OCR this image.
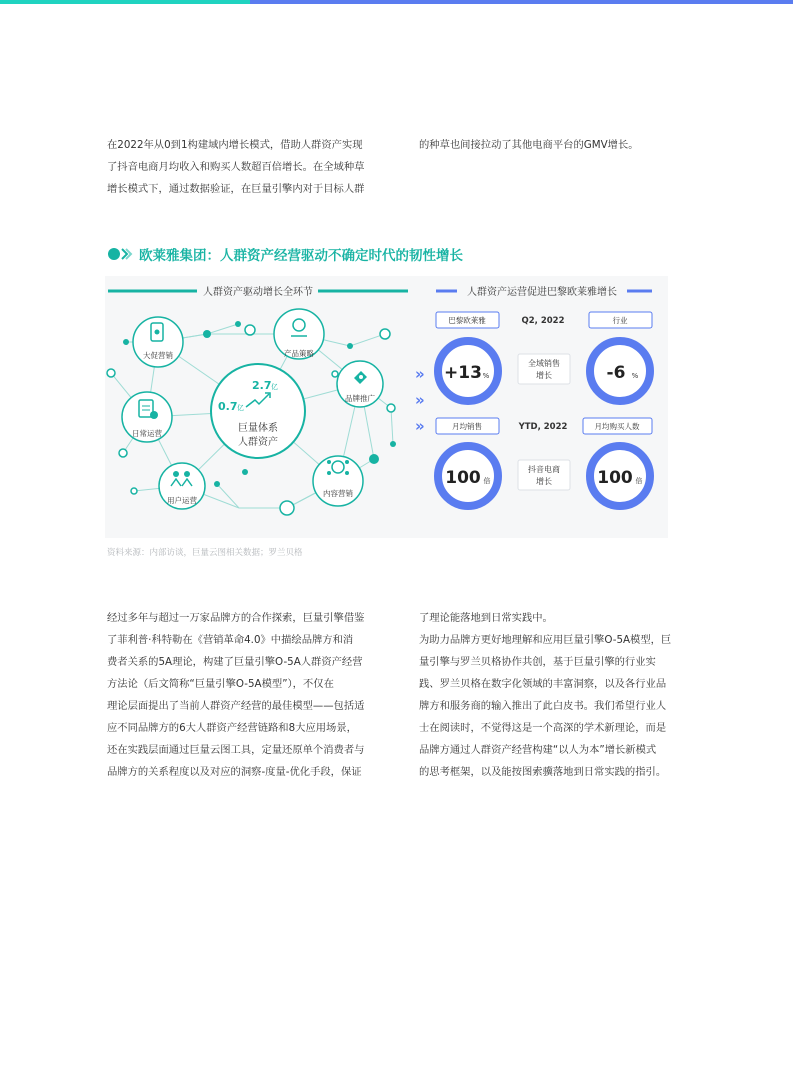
在2022年从0到1构建域内增长模式，借助人群资产实现
了抖音电商月均收入和购买人数超百倍增长。在全域种草
增长模式下，通过数据验证，在巨量引擎内对于目标人群
的种草也间接拉动了其他电商平台的GMV增长。
欧莱雅集团：人群资产经营驱动不确定时代的韧性增长
人群资产驱动增长全环节	人群资产运营促进巴黎欧莱雅增长
0.7 亿
2.7 亿
巨量体系
人群资产
大促营销	产品策略
品牌推广
日常运营
用户运营
内容营销
»
»
»
巴黎欧莱雅	Q2, 2022	行业
+13 %
全域销售
增长	-6 %
月均销售	YTD, 2022	月均购买人数
100 倍
抖音电商
增长	100 倍
资料来源：内部访谈，巨量云图相关数据；罗兰贝格
经过多年与超过一万家品牌方的合作探索，巨量引擎借鉴
了菲利普·科特勒在《营销革命4.0》中描绘品牌方和消
费者关系的5A理论，构建了巨量引擎O-5A人群资产经营
方法论（后文简称“巨量引擎O-5A模型”），不仅在
理论层面提出了当前人群资产经营的最佳模型——包括适
应不同品牌方的6大人群资产经营链路和8大应用场景，
还在实践层面通过巨量云图工具，定量还原单个消费者与
品牌方的关系程度以及对应的洞察-度量-优化手段，保证
了理论能落地到日常实践中。
为助力品牌方更好地理解和应用巨量引擎O-5A模型，巨
量引擎与罗兰贝格协作共创，基于巨量引擎的行业实
践、罗兰贝格在数字化领域的丰富洞察，以及各行业品
牌方和服务商的输入推出了此白皮书。我们希望行业人
士在阅读时，不觉得这是一个高深的学术新理论，而是
品牌方通过人群资产经营构建“以人为本”增长新模式
的思考框架，以及能按图索骥落地到日常实践的指引。
